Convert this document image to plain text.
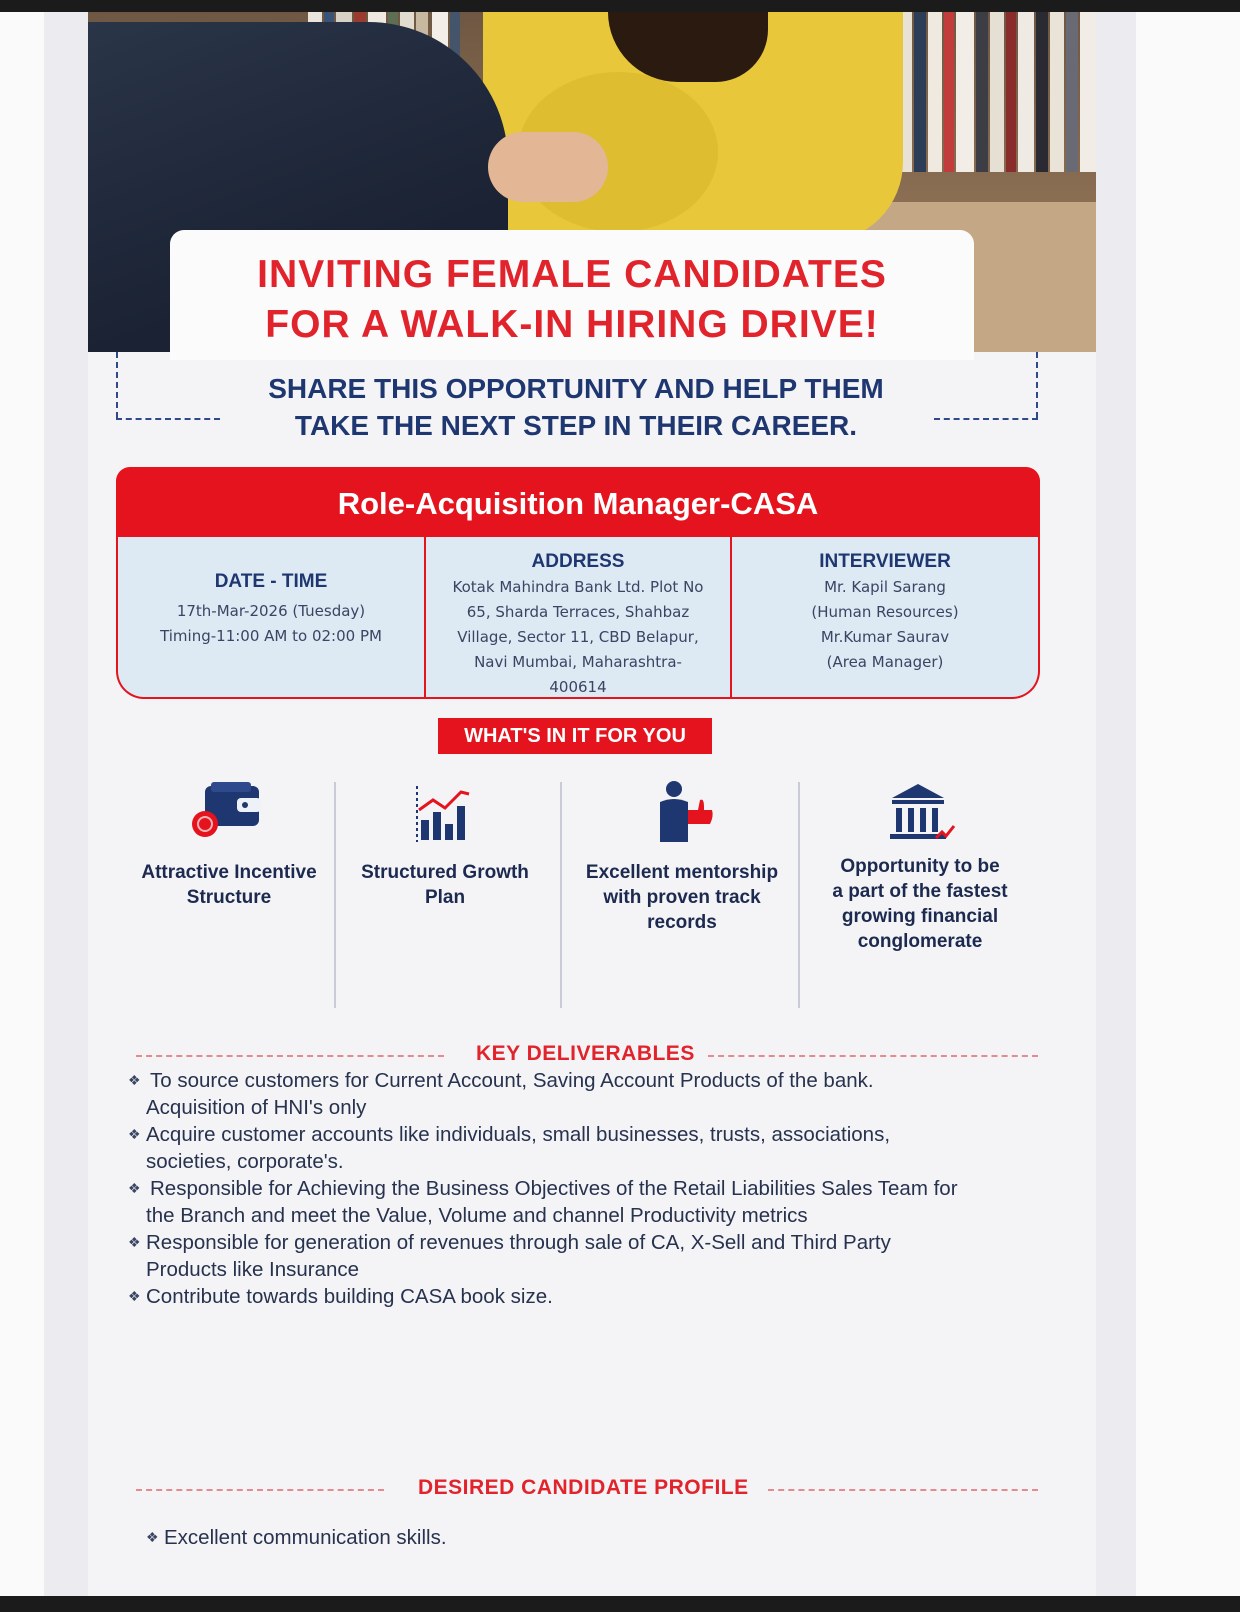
INVITING FEMALE CANDIDATES
FOR A WALK-IN HIRING DRIVE!
SHARE THIS OPPORTUNITY AND HELP THEM
TAKE THE NEXT STEP IN THEIR CAREER.
Role-Acquisition Manager-CASA
DATE - TIME
17th-Mar-2026 (Tuesday)
Timing-11:00 AM to 02:00 PM
ADDRESS
Kotak Mahindra Bank Ltd. Plot No
65, Sharda Terraces, Shahbaz
Village, Sector 11, CBD Belapur,
Navi Mumbai, Maharashtra-
400614
INTERVIEWER
Mr. Kapil Sarang
(Human Resources)
Mr.Kumar Saurav
(Area Manager)
WHAT'S IN IT FOR YOU
Attractive Incentive
Structure
Structured Growth
Plan
Excellent mentorship
with proven track
records
Opportunity to be
a part of the fastest
growing financial
conglomerate
KEY DELIVERABLES
❖ To source customers for Current Account, Saving Account Products of the bank.
Acquisition of HNI's only
❖ Acquire customer accounts like individuals, small businesses, trusts, associations,
societies, corporate's.
❖ Responsible for Achieving the Business Objectives of the Retail Liabilities Sales Team for
the Branch and meet the Value, Volume and channel Productivity metrics
❖ Responsible for generation of revenues through sale of CA, X-Sell and Third Party
Products like Insurance
❖ Contribute towards building CASA book size.
DESIRED CANDIDATE PROFILE
❖ Excellent communication skills.
